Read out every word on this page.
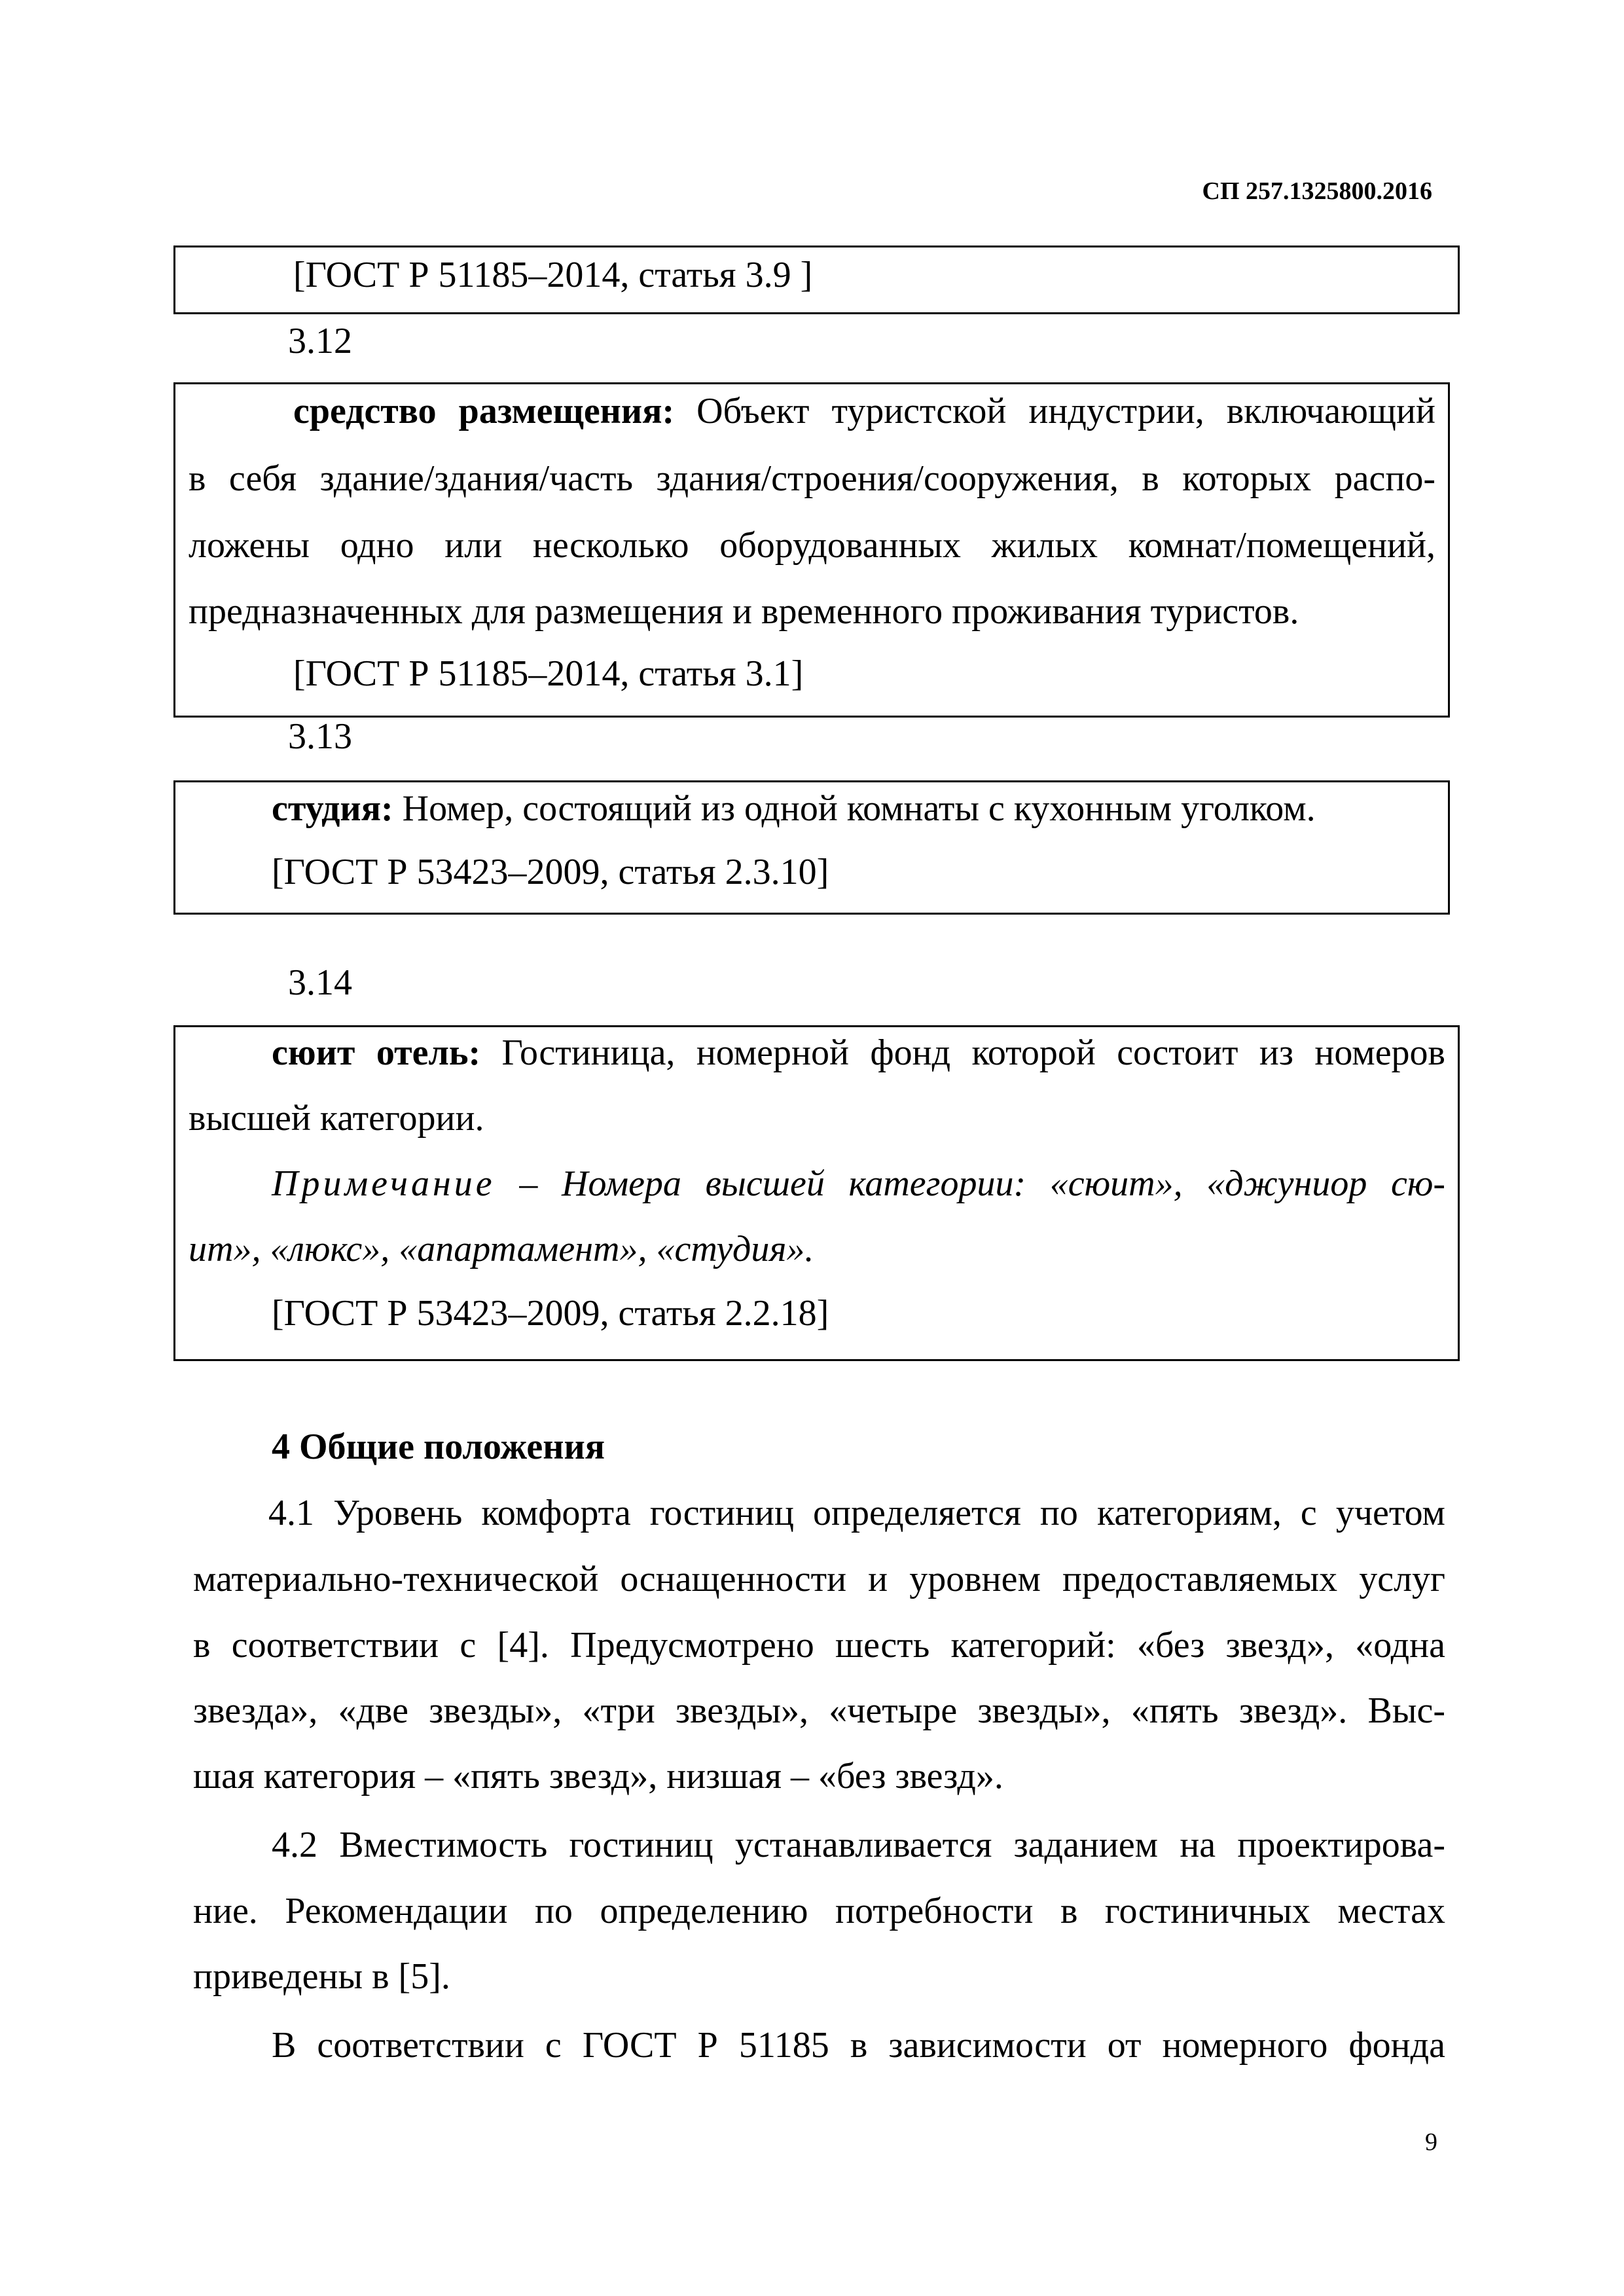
СП 257.1325800.2016
[ГОСТ Р 51185–2014, статья 3.9 ]
3.12
средство размещения: Объект туристской индустрии, включающий
в себя здание/здания/часть здания/строения/сооружения, в которых распо-
ложены одно или несколько оборудованных жилых комнат/помещений,
предназначенных для размещения и временного проживания туристов.
[ГОСТ Р 51185–2014, статья 3.1]
3.13
студия: Номер, состоящий из одной комнаты с кухонным уголком.
[ГОСТ Р 53423–2009, статья 2.3.10]
3.14
сюит отель: Гостиница, номерной фонд которой состоит из номеров
высшей категории.
Примечание – Номера высшей категории: «сюит», «джуниор сю-
ит», «люкс», «апартамент», «студия».
[ГОСТ Р 53423–2009, статья 2.2.18]
4 Общие положения
4.1 Уровень комфорта гостиниц определяется по категориям, с учетом
материально-технической оснащенности и уровнем предоставляемых услуг
в соответствии с [4]. Предусмотрено шесть категорий: «без звезд», «одна
звезда», «две звезды», «три звезды», «четыре звезды», «пять звезд». Выс-
шая категория – «пять звезд», низшая – «без звезд».
4.2 Вместимость гостиниц устанавливается заданием на проектирова-
ние. Рекомендации по определению потребности в гостиничных местах
приведены в [5].
В соответствии с ГОСТ Р 51185 в зависимости от номерного фонда
9
